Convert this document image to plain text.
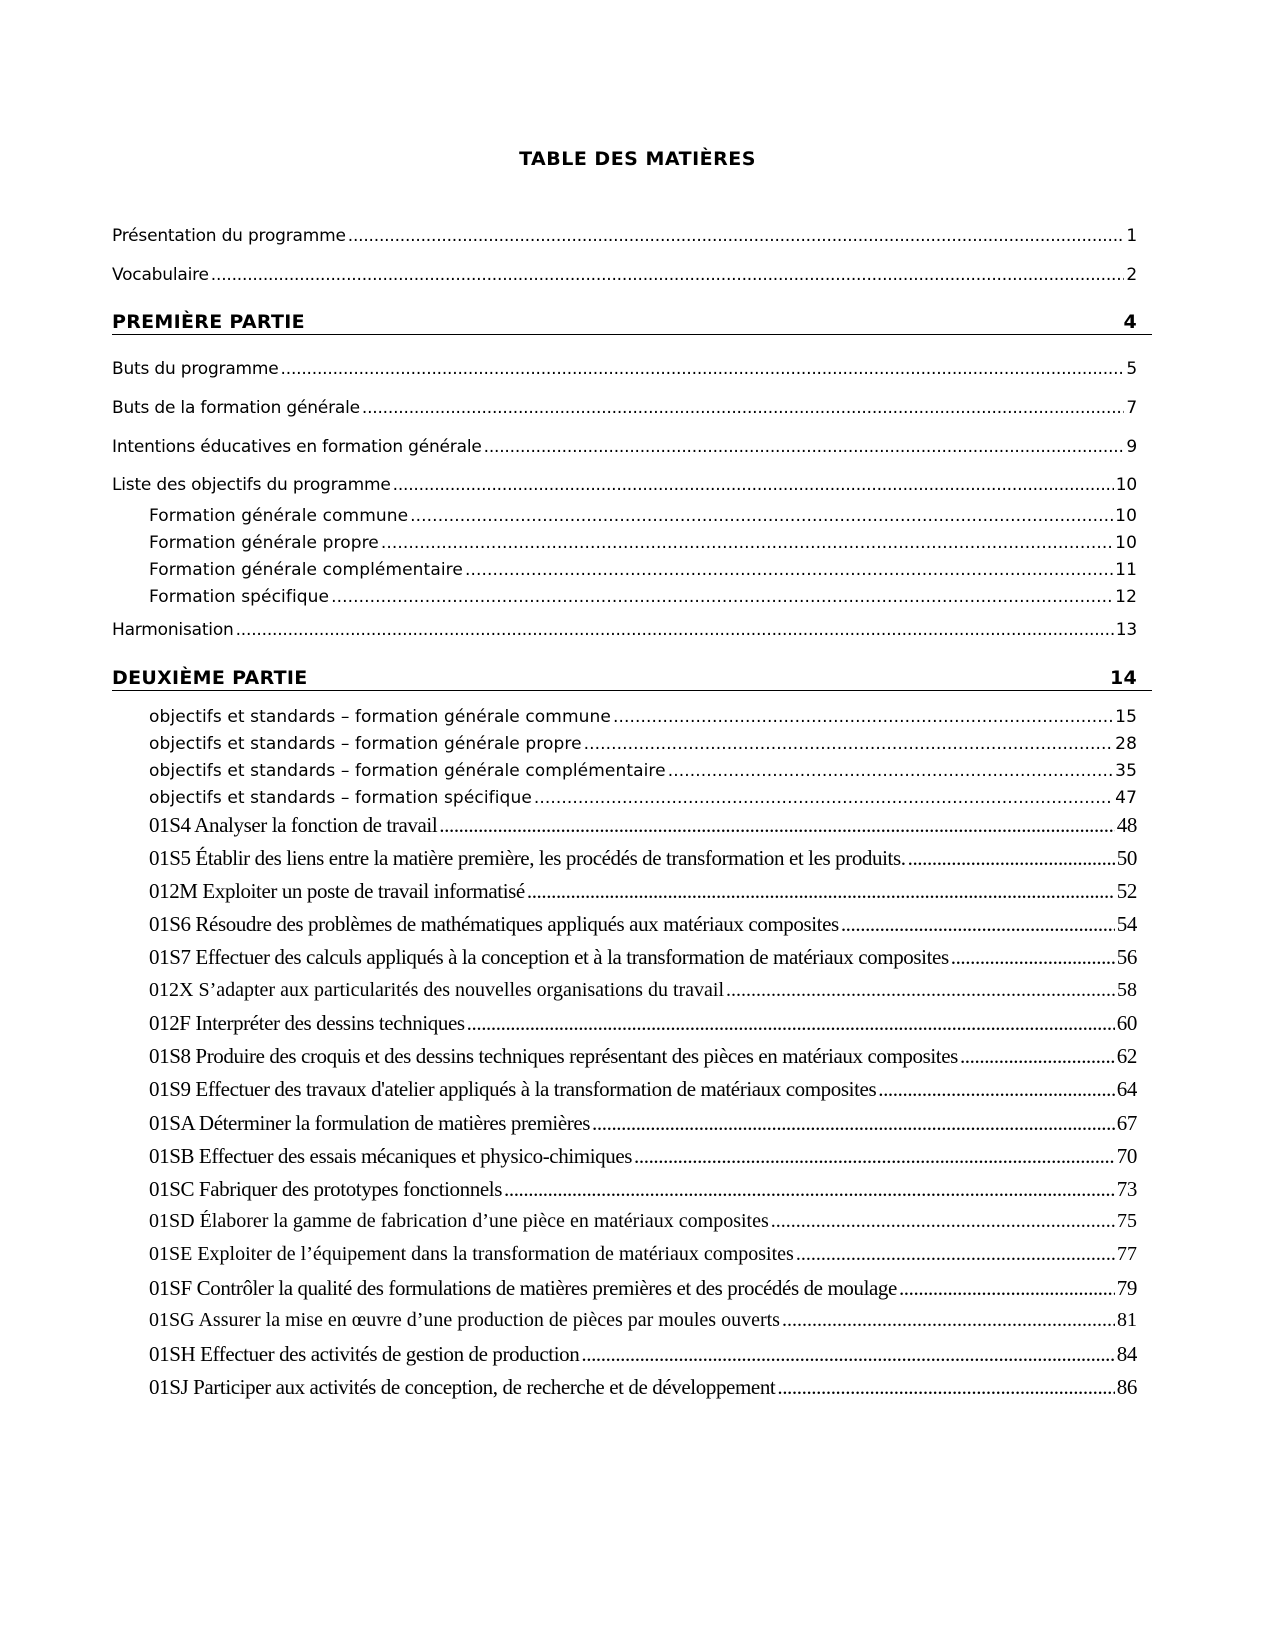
TABLE DES MATIÈRES
Présentation du programme .....	1
Vocabulaire .....	2
PREMIÈRE PARTIE	4
Buts du programme .....	5
Buts de la formation générale .....	7
Intentions éducatives en formation générale .....	9
Liste des objectifs du programme .....	10
Formation générale commune .....	10
Formation générale propre .....	10
Formation générale complémentaire .....	11
Formation spécifique .....	12
Harmonisation .....	13
DEUXIÈME PARTIE	14
objectifs et standards – formation générale commune .....	15
objectifs et standards – formation générale propre .....	28
objectifs et standards – formation générale complémentaire .....	35
objectifs et standards – formation spécifique .....	47
01S4 Analyser la fonction de travail .....	48
01S5 Établir des liens entre la matière première, les procédés de transformation et les produits. .....	50
012M Exploiter un poste de travail informatisé .....	52
01S6 Résoudre des problèmes de mathématiques appliqués aux matériaux composites .....	54
01S7 Effectuer des calculs appliqués à la conception et à la transformation de matériaux composites .....	56
012X S’adapter aux particularités des nouvelles organisations du travail .....	58
012F Interpréter des dessins techniques .....	60
01S8 Produire des croquis et des dessins techniques représentant des pièces en matériaux composites .....	62
01S9 Effectuer des travaux d'atelier appliqués à la transformation de matériaux composites .....	64
01SA Déterminer la formulation de matières premières .....	67
01SB Effectuer des essais mécaniques et physico-chimiques .....	70
01SC Fabriquer des prototypes fonctionnels .....	73
01SD Élaborer la gamme de fabrication d’une pièce en matériaux composites .....	75
01SE Exploiter de l’équipement dans la transformation de matériaux composites .....	77
01SF Contrôler la qualité des formulations de matières premières et des procédés de moulage .....	79
01SG Assurer la mise en œuvre d’une production de pièces par moules ouverts .....	81
01SH Effectuer des activités de gestion de production .....	84
01SJ Participer aux activités de conception, de recherche et de développement .....	86
